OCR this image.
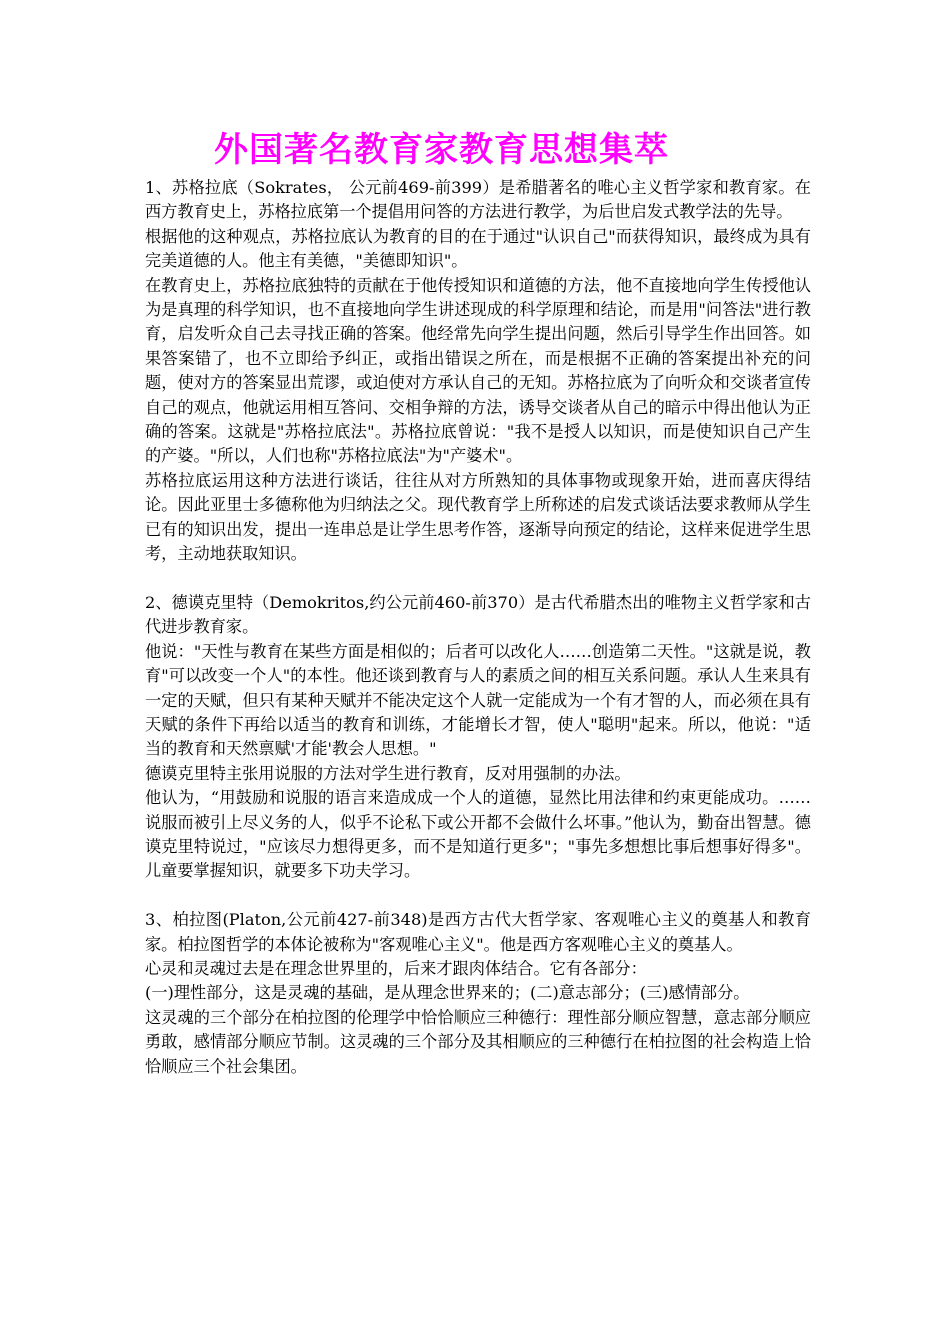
外国著名教育家教育思想集萃

1、苏格拉底（Sokrates， 公元前469-前399）是希腊著名的唯心主义哲学家和教育家。在西方教育史上，苏格拉底第一个提倡用问答的方法进行教学，为后世启发式教学法的先导。

根据他的这种观点，苏格拉底认为教育的目的在于通过"认识自己"而获得知识，最终成为具有完美道德的人。他主有美德，"美德即知识"。

在教育史上，苏格拉底独特的贡献在于他传授知识和道德的方法，他不直接地向学生传授他认为是真理的科学知识，也不直接地向学生讲述现成的科学原理和结论，而是用"问答法"进行教育，启发听众自己去寻找正确的答案。他经常先向学生提出问题，然后引导学生作出回答。如果答案错了，也不立即给予纠正，或指出错误之所在，而是根据不正确的答案提出补充的问题，使对方的答案显出荒谬，或迫使对方承认自己的无知。苏格拉底为了向听众和交谈者宣传自己的观点，他就运用相互答问、交相争辩的方法，诱导交谈者从自己的暗示中得出他认为正确的答案。这就是"苏格拉底法"。苏格拉底曾说："我不是授人以知识，而是使知识自己产生的产婆。"所以，人们也称"苏格拉底法"为"产婆术"。

苏格拉底运用这种方法进行谈话，往往从对方所熟知的具体事物或现象开始，进而喜庆得结论。因此亚里士多德称他为归纳法之父。现代教育学上所称述的启发式谈话法要求教师从学生已有的知识出发，提出一连串总是让学生思考作答，逐渐导向预定的结论，这样来促进学生思考，主动地获取知识。

2、德谟克里特（Demokritos,约公元前460-前370）是古代希腊杰出的唯物主义哲学家和古代进步教育家。

他说："天性与教育在某些方面是相似的；后者可以改化人……创造第二天性。"这就是说，教育"可以改变一个人"的本性。他还谈到教育与人的素质之间的相互关系问题。承认人生来具有一定的天赋，但只有某种天赋并不能决定这个人就一定能成为一个有才智的人，而必须在具有天赋的条件下再给以适当的教育和训练，才能增长才智，使人"聪明"起来。所以，他说："适当的教育和天然禀赋'才能'教会人思想。"

德谟克里特主张用说服的方法对学生进行教育，反对用强制的办法。

他认为，“用鼓励和说服的语言来造成成一个人的道德，显然比用法律和约束更能成功。……说服而被引上尽义务的人，似乎不论私下或公开都不会做什么坏事。”他认为，勤奋出智慧。德谟克里特说过，"应该尽力想得更多，而不是知道行更多"；"事先多想想比事后想事好得多"。儿童要掌握知识，就要多下功夫学习。

3、柏拉图(Platon,公元前427-前348)是西方古代大哲学家、客观唯心主义的奠基人和教育家。柏拉图哲学的本体论被称为"客观唯心主义"。他是西方客观唯心主义的奠基人。

心灵和灵魂过去是在理念世界里的，后来才跟肉体结合。它有各部分：

(一)理性部分，这是灵魂的基础，是从理念世界来的；(二)意志部分；(三)感情部分。

这灵魂的三个部分在柏拉图的伦理学中恰恰顺应三种德行：理性部分顺应智慧，意志部分顺应勇敢，感情部分顺应节制。这灵魂的三个部分及其相顺应的三种德行在柏拉图的社会构造上恰恰顺应三个社会集团。
